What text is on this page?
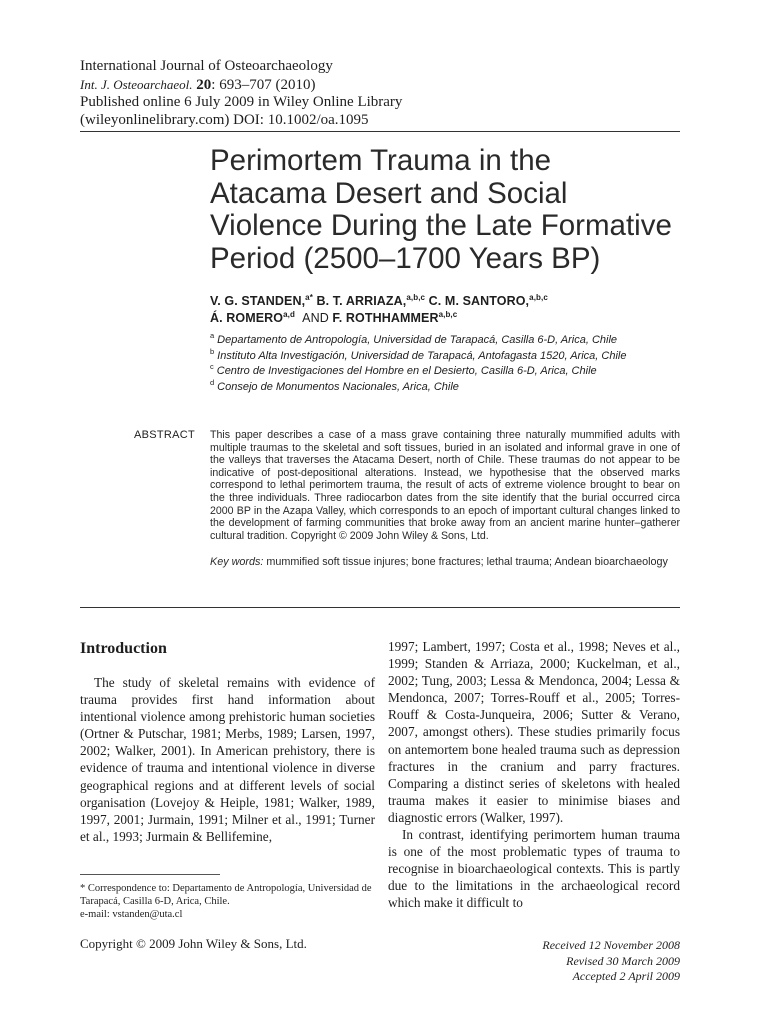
International Journal of Osteoarchaeology
Int. J. Osteoarchaeol. 20: 693–707 (2010)
Published online 6 July 2009 in Wiley Online Library
(wileyonlinelibrary.com) DOI: 10.1002/oa.1095
Perimortem Trauma in the
Atacama Desert and Social
Violence During the Late Formative
Period (2500–1700 Years BP)
V. G. STANDEN,$^{a*}$ B. T. ARRIAZA,$^{a,b,c}$ C. M. SANTORO,$^{a,b,c}$
Á. ROMERO$^{a,d}$ AND F. ROTHHAMMER$^{a,b,c}$
$^a$ Departamento de Antropología, Universidad de Tarapacá, Casilla 6-D, Arica, Chile
$^b$ Instituto Alta Investigación, Universidad de Tarapacá, Antofagasta 1520, Arica, Chile
$^c$ Centro de Investigaciones del Hombre en el Desierto, Casilla 6-D, Arica, Chile
$^d$ Consejo de Monumentos Nacionales, Arica, Chile
ABSTRACT This paper describes a case of a mass grave containing three naturally mummified adults with multiple traumas to the skeletal and soft tissues, buried in an isolated and informal grave in one of the valleys that traverses the Atacama Desert, north of Chile. These traumas do not appear to be indicative of post-depositional alterations. Instead, we hypothesise that the observed marks correspond to lethal perimortem trauma, the result of acts of extreme violence brought to bear on the three individuals. Three radiocarbon dates from the site identify that the burial occurred circa 2000 BP in the Azapa Valley, which corresponds to an epoch of important cultural changes linked to the development of farming communities that broke away from an ancient marine hunter–gatherer cultural tradition. Copyright © 2009 John Wiley & Sons, Ltd.
Key words: mummified soft tissue injures; bone fractures; lethal trauma; Andean bioarchaeology
Introduction
The study of skeletal remains with evidence of trauma provides first hand information about intentional violence among prehistoric human societies (Ortner & Putschar, 1981; Merbs, 1989; Larsen, 1997, 2002; Walker, 2001). In American prehistory, there is evidence of trauma and intentional violence in diverse geographical regions and at different levels of social organisation (Lovejoy & Heiple, 1981; Walker, 1989, 1997, 2001; Jurmain, 1991; Milner et al., 1991; Turner et al., 1993; Jurmain & Bellifemine,

1997; Lambert, 1997; Costa et al., 1998; Neves et al., 1999; Standen & Arriaza, 2000; Kuckelman, et al., 2002; Tung, 2003; Lessa & Mendonca, 2004; Lessa & Mendonca, 2007; Torres-Rouff et al., 2005; Torres-Rouff & Costa-Junqueira, 2006; Sutter & Verano, 2007, amongst others). These studies primarily focus on antemortem bone healed trauma such as depression fractures in the cranium and parry fractures. Comparing a distinct series of skeletons with healed trauma makes it easier to minimise biases and diagnostic errors (Walker, 1997).

In contrast, identifying perimortem human trauma is one of the most problematic types of trauma to recognise in bioarchaeological contexts. This is partly due to the limitations in the archaeological record which make it difficult to

* Correspondence to: Departamento de Antropología, Universidad de Tarapacá, Casilla 6-D, Arica, Chile.
e-mail: vstanden@uta.cl
Copyright © 2009 John Wiley & Sons, Ltd.	Received 12 November 2008
Revised 30 March 2009
Accepted 2 April 2009
